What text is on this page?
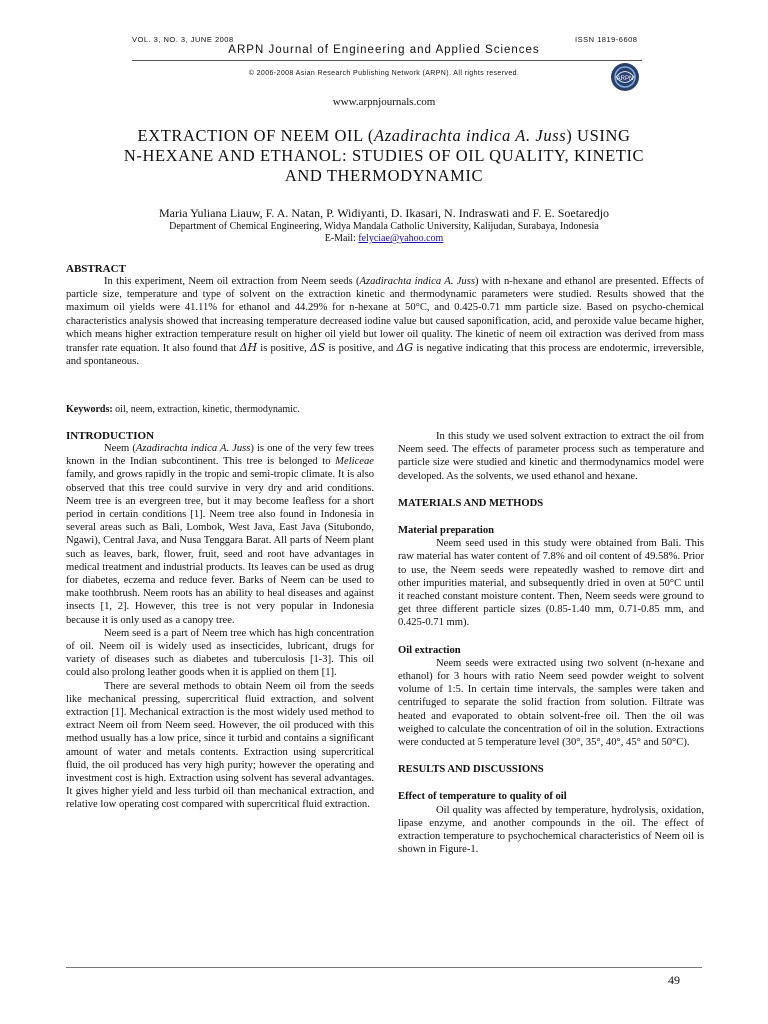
VOL. 3, NO. 3, JUNE 2008	ISSN 1819-6608
ARPN Journal of Engineering and Applied Sciences
© 2006-2008 Asian Research Publishing Network (ARPN). All rights reserved.
ARPN
www.arpnjournals.com
EXTRACTION OF NEEM OIL (Azadirachta indica A. Juss) USING
N-HEXANE AND ETHANOL: STUDIES OF OIL QUALITY, KINETIC
AND THERMODYNAMIC
Maria Yuliana Liauw, F. A. Natan, P. Widiyanti, D. Ikasari, N. Indraswati and F. E. Soetaredjo
Department of Chemical Engineering, Widya Mandala Catholic University, Kalijudan, Surabaya, Indonesia
E-Mail: felyciae@yahoo.com
ABSTRACT

In this experiment, Neem oil extraction from Neem seeds (Azadirachta indica A. Juss) with n-hexane and ethanol are presented. Effects of particle size, temperature and type of solvent on the extraction kinetic and thermodynamic parameters were studied. Results showed that the maximum oil yields were 41.11% for ethanol and 44.29% for n-hexane at 50°C, and 0.425-0.71 mm particle size. Based on psycho-chemical characteristics analysis showed that increasing temperature decreased iodine value but caused saponification, acid, and peroxide value became higher, which means higher extraction temperature result on higher oil yield but lower oil quality. The kinetic of neem oil extraction was derived from mass transfer rate equation. It also found that ΔH is positive, ΔS is positive, and ΔG is negative indicating that this process are endotermic, irreversible, and spontaneous.

Keywords: oil, neem, extraction, kinetic, thermodynamic.
INTRODUCTION

Neem (Azadirachta indica A. Juss) is one of the very few trees known in the Indian subcontinent. This tree is belonged to Meliceae family, and grows rapidly in the tropic and semi-tropic climate. It is also observed that this tree could survive in very dry and arid conditions. Neem tree is an evergreen tree, but it may become leafless for a short period in certain conditions [1]. Neem tree also found in Indonesia in several areas such as Bali, Lombok, West Java, East Java (Situbondo, Ngawi), Central Java, and Nusa Tenggara Barat. All parts of Neem plant such as leaves, bark, flower, fruit, seed and root have advantages in medical treatment and industrial products. Its leaves can be used as drug for diabetes, eczema and reduce fever. Barks of Neem can be used to make toothbrush. Neem roots has an ability to heal diseases and against insects [1, 2]. However, this tree is not very popular in Indonesia because it is only used as a canopy tree.

Neem seed is a part of Neem tree which has high concentration of oil. Neem oil is widely used as insecticides, lubricant, drugs for variety of diseases such as diabetes and tuberculosis [1-3]. This oil could also prolong leather goods when it is applied on them [1].

There are several methods to obtain Neem oil from the seeds like mechanical pressing, supercritical fluid extraction, and solvent extraction [1]. Mechanical extraction is the most widely used method to extract Neem oil from Neem seed. However, the oil produced with this method usually has a low price, since it turbid and contains a significant amount of water and metals contents. Extraction using supercritical fluid, the oil produced has very high purity; however the operating and investment cost is high. Extraction using solvent has several advantages. It gives higher yield and less turbid oil than mechanical extraction, and relative low operating cost compared with supercritical fluid extraction.

In this study we used solvent extraction to extract the oil from Neem seed. The effects of parameter process such as temperature and particle size were studied and kinetic and thermodynamics model were developed. As the solvents, we used ethanol and hexane.

MATERIALS AND METHODS

Material preparation

Neem seed used in this study were obtained from Bali. This raw material has water content of 7.8% and oil content of 49.58%. Prior to use, the Neem seeds were repeatedly washed to remove dirt and other impurities material, and subsequently dried in oven at 50°C until it reached constant moisture content. Then, Neem seeds were ground to get three different particle sizes (0.85-1.40 mm, 0.71-0.85 mm, and 0.425-0.71 mm).

Oil extraction

Neem seeds were extracted using two solvent (n-hexane and ethanol) for 3 hours with ratio Neem seed powder weight to solvent volume of 1:5. In certain time intervals, the samples were taken and centrifuged to separate the solid fraction from solution. Filtrate was heated and evaporated to obtain solvent-free oil. Then the oil was weighed to calculate the concentration of oil in the solution. Extractions were conducted at 5 temperature level (30°, 35°, 40°, 45° and 50°C).

RESULTS AND DISCUSSIONS

Effect of temperature to quality of oil

Oil quality was affected by temperature, hydrolysis, oxidation, lipase enzyme, and another compounds in the oil. The effect of extraction temperature to psychochemical characteristics of Neem oil is shown in Figure-1.

49
